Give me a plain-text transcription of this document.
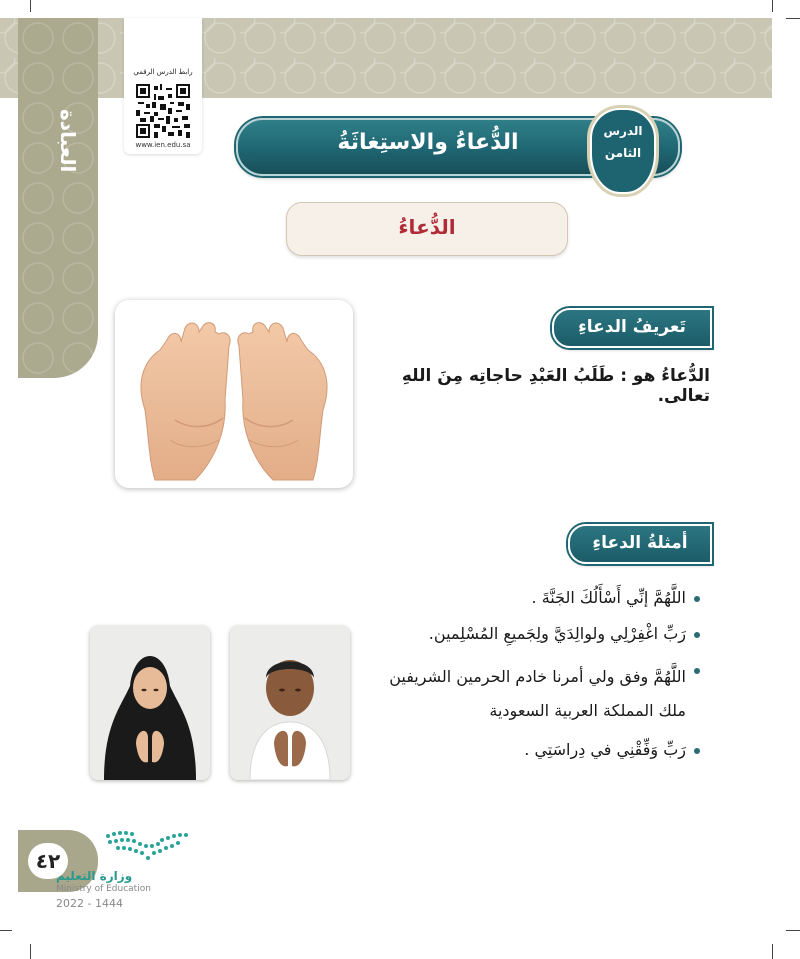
العبادة
رابط الدرس الرقمي
www.ien.edu.sa	الدُّعاءُ والاستِغاثَةُ	الدرس
الثامن
الدُّعاءُ
تَعريفُ الدعاءِ
الدُّعاءُ هو : طَلَبُ العَبْدِ حاجاتِه مِنَ اللهِ تعالى.
أمثلةُ الدعاءِ
اللَّهُمَّ إنِّي أَسْأَلُكَ الجَنَّةَ .
رَبِّ اغْفِرْلِي ولوالِدَيَّ ولِجَميعِ المُسْلِمين.
اللَّهُمَّ وفق ولي أمرنا خادم الحرمين الشريفين ملك المملكة العربية السعودية
رَبِّ وَفِّقْنِي في دِراسَتِي .
٤٢
وزارة التعليم
Ministry of Education
2022 - 1444
